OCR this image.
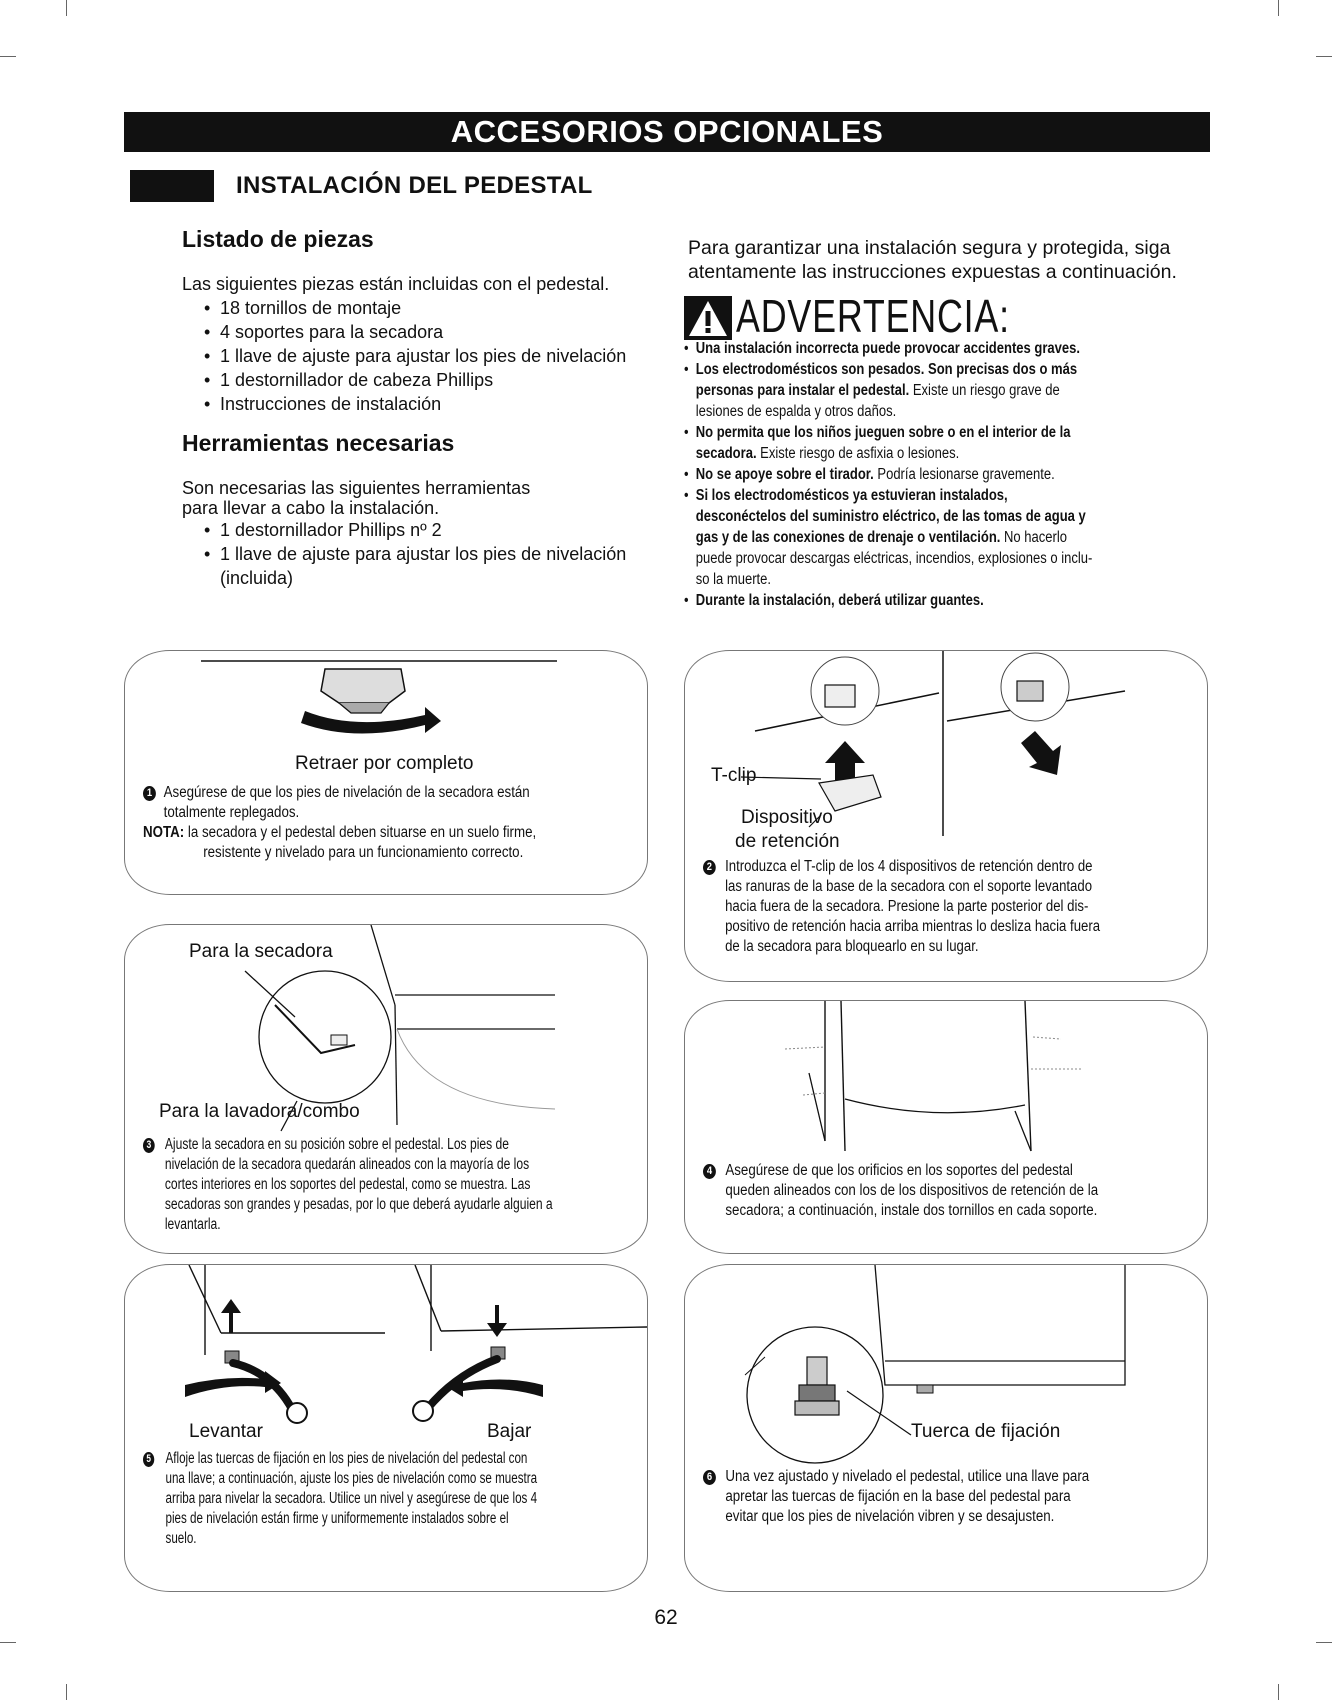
ACCESORIOS OPCIONALES
INSTALACIÓN DEL PEDESTAL
Listado de piezas
Las siguientes piezas están incluidas con el pedestal.
• 18 tornillos de montaje
• 4 soportes para la secadora
• 1 llave de ajuste para ajustar los pies de nivelación
• 1 destornillador de cabeza Phillips
• Instrucciones de instalación
Herramientas necesarias
Son necesarias las siguientes herramientas
para llevar a cabo la instalación.
• 1 destornillador Phillips nº 2
• 1 llave de ajuste para ajustar los pies de nivelación
(incluida)
Para garantizar una instalación segura y protegida, siga
atentamente las instrucciones expuestas a continuación.
ADVERTENCIA:
• Una instalación incorrecta puede provocar accidentes graves.
• Los electrodomésticos son pesados. Son precisas dos o más
personas para instalar el pedestal. Existe un riesgo grave de
lesiones de espalda y otros daños.
• No permita que los niños jueguen sobre o en el interior de la
secadora. Existe riesgo de asfixia o lesiones.
• No se apoye sobre el tirador. Podría lesionarse gravemente.
• Si los electrodomésticos ya estuvieran instalados,
desconéctelos del suministro eléctrico, de las tomas de agua y
gas y de las conexiones de drenaje o ventilación. No hacerlo
puede provocar descargas eléctricas, incendios, explosiones o inclu-
so la muerte.
• Durante la instalación, deberá utilizar guantes.
Retraer por completo
1 Asegúrese de que los pies de nivelación de la secadora están
totalmente replegados.
NOTA: la secadora y el pedestal deben situarse en un suelo firme,
resistente y nivelado para un funcionamiento correcto.
T-clip
Dispositivo
de retención
2 Introduzca el T-clip de los 4 dispositivos de retención dentro de
las ranuras de la base de la secadora con el soporte levantado
hacia fuera de la secadora. Presione la parte posterior del dis-
positivo de retención hacia arriba mientras lo desliza hacia fuera
de la secadora para bloquearlo en su lugar.
Para la secadora
Para la lavadora/combo
3 Ajuste la secadora en su posición sobre el pedestal. Los pies de
nivelación de la secadora quedarán alineados con la mayoría de los
cortes interiores en los soportes del pedestal, como se muestra. Las
secadoras son grandes y pesadas, por lo que deberá ayudarle alguien a
levantarla.
4 Asegúrese de que los orificios en los soportes del pedestal
queden alineados con los de los dispositivos de retención de la
secadora; a continuación, instale dos tornillos en cada soporte.
Levantar	Bajar
5 Afloje las tuercas de fijación en los pies de nivelación del pedestal con
una llave; a continuación, ajuste los pies de nivelación como se muestra
arriba para nivelar la secadora. Utilice un nivel y asegúrese de que los 4
pies de nivelación están firme y uniformemente instalados sobre el
suelo.
Tuerca de fijación
6 Una vez ajustado y nivelado el pedestal, utilice una llave para
apretar las tuercas de fijación en la base del pedestal para
evitar que los pies de nivelación vibren y se desajusten.
62
